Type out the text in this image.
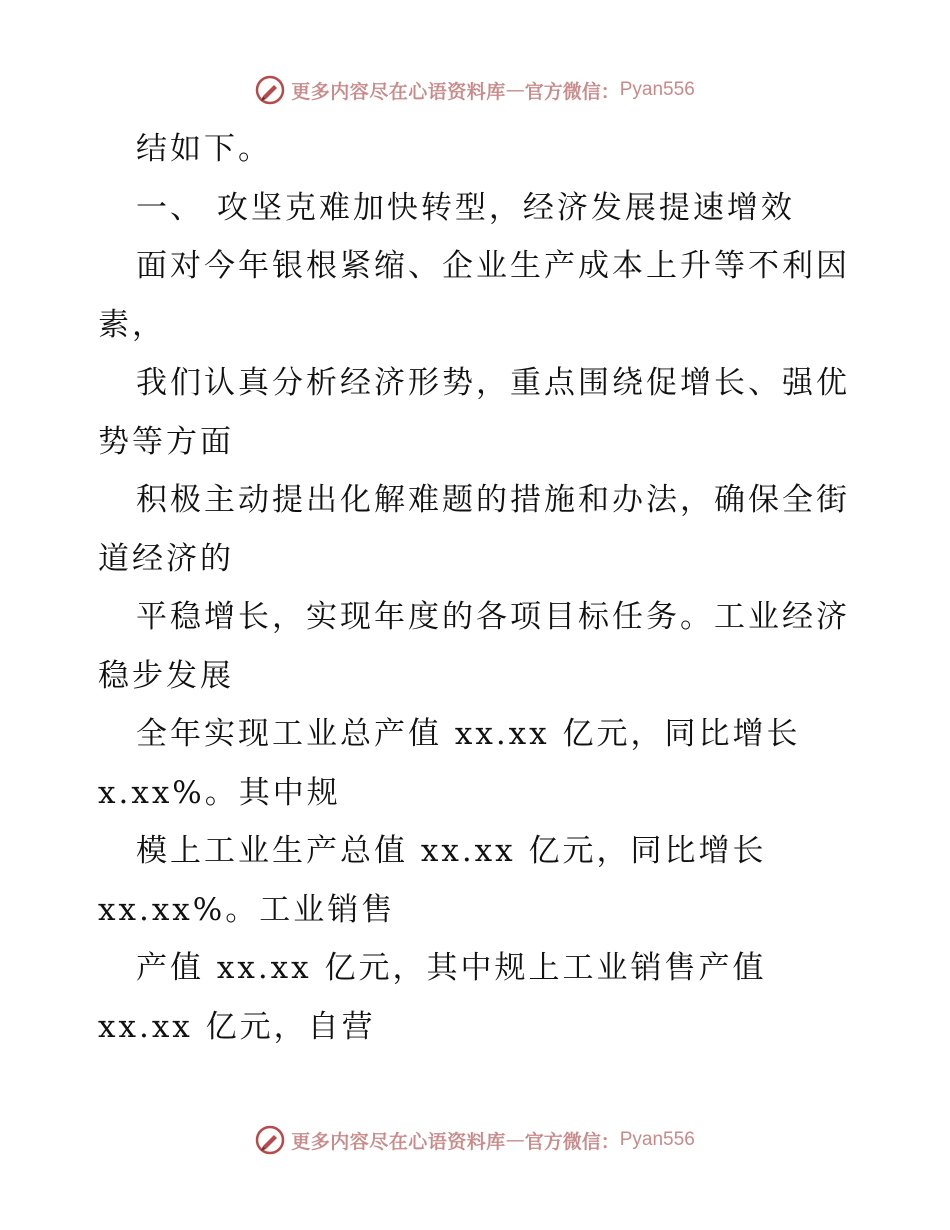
更多内容尽在心语资料库 — 官方微信： Pyan556
结如下。
一、 攻坚克难加快转型，经济发展提速增效
面对今年银根紧缩、企业生产成本上升等不利因
素，
我们认真分析经济形势，重点围绕促增长、强优
势等方面
积极主动提出化解难题的措施和办法，确保全街
道经济的
平稳增长，实现年度的各项目标任务。工业经济
稳步发展
全年实现工业总产值 xx.xx 亿元，同比增长
x.xx%。其中规
模上工业生产总值 xx.xx 亿元，同比增长
xx.xx%。工业销售
产值 xx.xx 亿元，其中规上工业销售产值
xx.xx 亿元，自营
更多内容尽在心语资料库 — 官方微信： Pyan556
